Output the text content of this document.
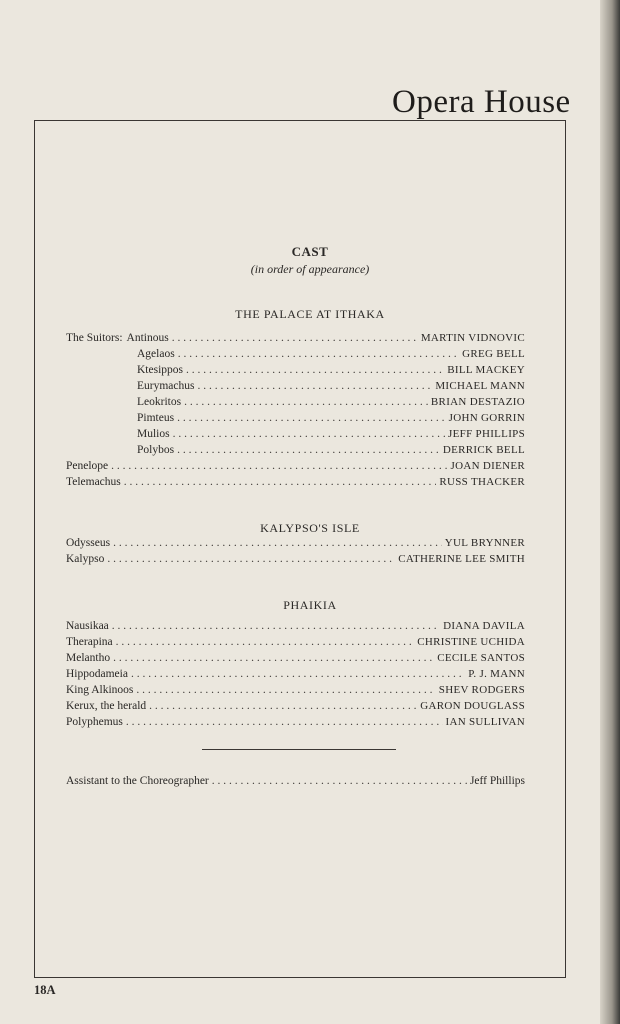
Opera House
CAST
(in order of appearance)
THE PALACE AT ITHAKA
The Suitors: Antinous . . .	MARTIN VIDNOVIC
Agelaos . . .	GREG BELL
Ktesippos . . .	BILL MACKEY
Eurymachus . . .	MICHAEL MANN
Leokritos . . .	BRIAN DESTAZIO
Pimteus . . .	JOHN GORRIN
Mulios . . .	JEFF PHILLIPS
Polybos . . .	DERRICK BELL
Penelope . . .	JOAN DIENER
Telemachus . . .	RUSS THACKER
KALYPSO'S ISLE
Odysseus . . .	YUL BRYNNER
Kalypso . . .	CATHERINE LEE SMITH
PHAIKIA
Nausikaa . . .	DIANA DAVILA
Therapina . . .	CHRISTINE UCHIDA
Melantho . . .	CECILE SANTOS
Hippodameia . . .	P. J. MANN
King Alkinoos . . .	SHEV RODGERS
Kerux, the herald . . .	GARON DOUGLASS
Polyphemus . . .	IAN SULLIVAN
Assistant to the Choreographer . . .	Jeff Phillips
18A
